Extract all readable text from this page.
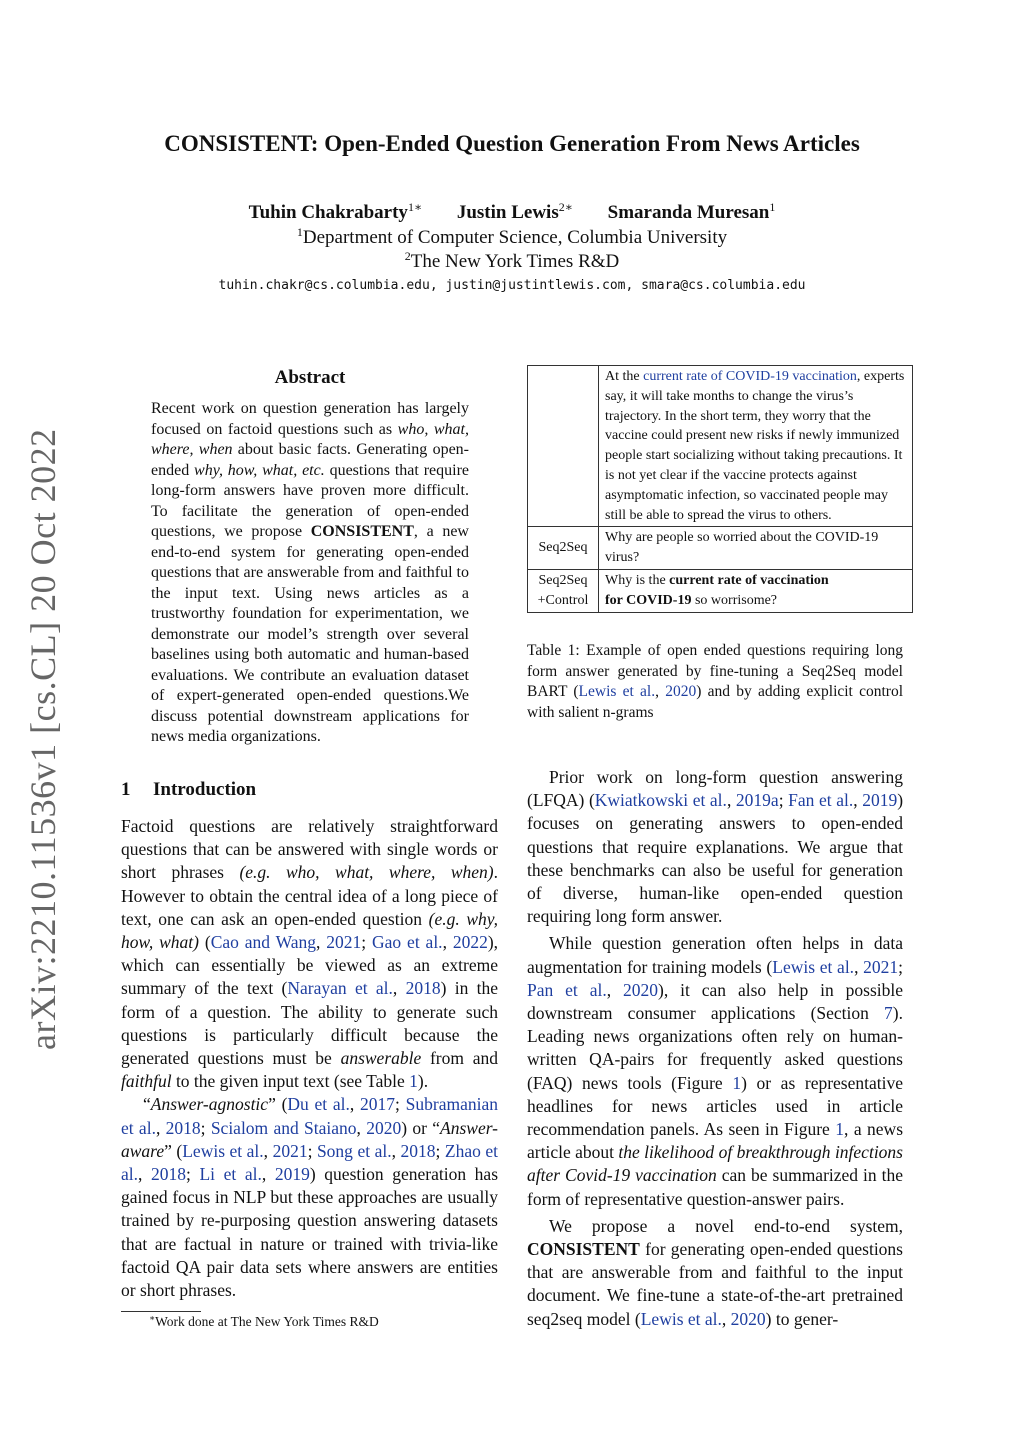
CONSISTENT: Open-Ended Question Generation From News Articles
Tuhin Chakrabarty$^{1∗}$ Justin Lewis$^{2∗}$ Smaranda Muresan$^1$
$^1$Department of Computer Science, Columbia University
$^2$The New York Times R&D
tuhin.chakr@cs.columbia.edu, justin@justintlewis.com, smara@cs.columbia.edu
arXiv:2210.11536v1 [cs.CL] 20 Oct 2022
Abstract
Recent work on question generation has largely focused on factoid questions such as who, what, where, when about basic facts. Generating open-ended why, how, what, etc. questions that require long-form answers have proven more difficult. To facilitate the generation of open-ended questions, we propose CONSISTENT, a new end-to-end system for generating open-ended questions that are answerable from and faithful to the input text. Using news articles as a trustworthy foundation for experimentation, we demonstrate our model’s strength over several baselines using both automatic and human-based evaluations. We contribute an evaluation dataset of expert-generated open-ended questions.We discuss potential downstream applications for news media organizations.
1 Introduction

Factoid questions are relatively straightforward questions that can be answered with single words or short phrases (e.g. who, what, where, when). However to obtain the central idea of a long piece of text, one can ask an open-ended question (e.g. why, how, what) (Cao and Wang, 2021; Gao et al., 2022), which can essentially be viewed as an extreme summary of the text (Narayan et al., 2018) in the form of a question. The ability to generate such questions is particularly difficult because the generated questions must be answerable from and faithful to the given input text (see Table 1).

“Answer-agnostic” (Du et al., 2017; Subramanian et al., 2018; Scialom and Staiano, 2020) or “Answer-aware” (Lewis et al., 2021; Song et al., 2018; Zhao et al., 2018; Li et al., 2019) question generation has gained focus in NLP but these approaches are usually trained by re-purposing question answering datasets that are factual in nature or trained with trivia-like factoid QA pair data sets where answers are entities or short phrases.

∗Work done at The New York Times R&D
	At the current rate of COVID-19 vaccination, experts say, it will take months to change the virus’s trajectory. In the short term, they worry that the vaccine could present new risks if newly immunized people start socializing without taking precautions. It is not yet clear if the vaccine protects against asymptomatic infection, so vaccinated people may still be able to spread the virus to others.
Seq2Seq	Why are people so worried about the COVID-19 virus?
Seq2Seq
+Control	Why is the current rate of vaccination
for COVID-19 so worrisome?
Table 1: Example of open ended questions requiring long form answer generated by fine-tuning a Seq2Seq model BART (Lewis et al., 2020) and by adding explicit control with salient n-grams

Prior work on long-form question answering (LFQA) (Kwiatkowski et al., 2019a; Fan et al., 2019) focuses on generating answers to open-ended questions that require explanations. We argue that these benchmarks can also be useful for generation of diverse, human-like open-ended question requiring long form answer.

While question generation often helps in data augmentation for training models (Lewis et al., 2021; Pan et al., 2020), it can also help in possible downstream consumer applications (Section 7). Leading news organizations often rely on human-written QA-pairs for frequently asked questions (FAQ) news tools (Figure 1) or as representative headlines for news articles used in article recommendation panels. As seen in Figure 1, a news article about the likelihood of breakthrough infections after Covid-19 vaccination can be summarized in the form of representative question-answer pairs.

We propose a novel end-to-end system, CONSISTENT for generating open-ended questions that are answerable from and faithful to the input document. We fine-tune a state-of-the-art pretrained seq2seq model (Lewis et al., 2020) to gener-
